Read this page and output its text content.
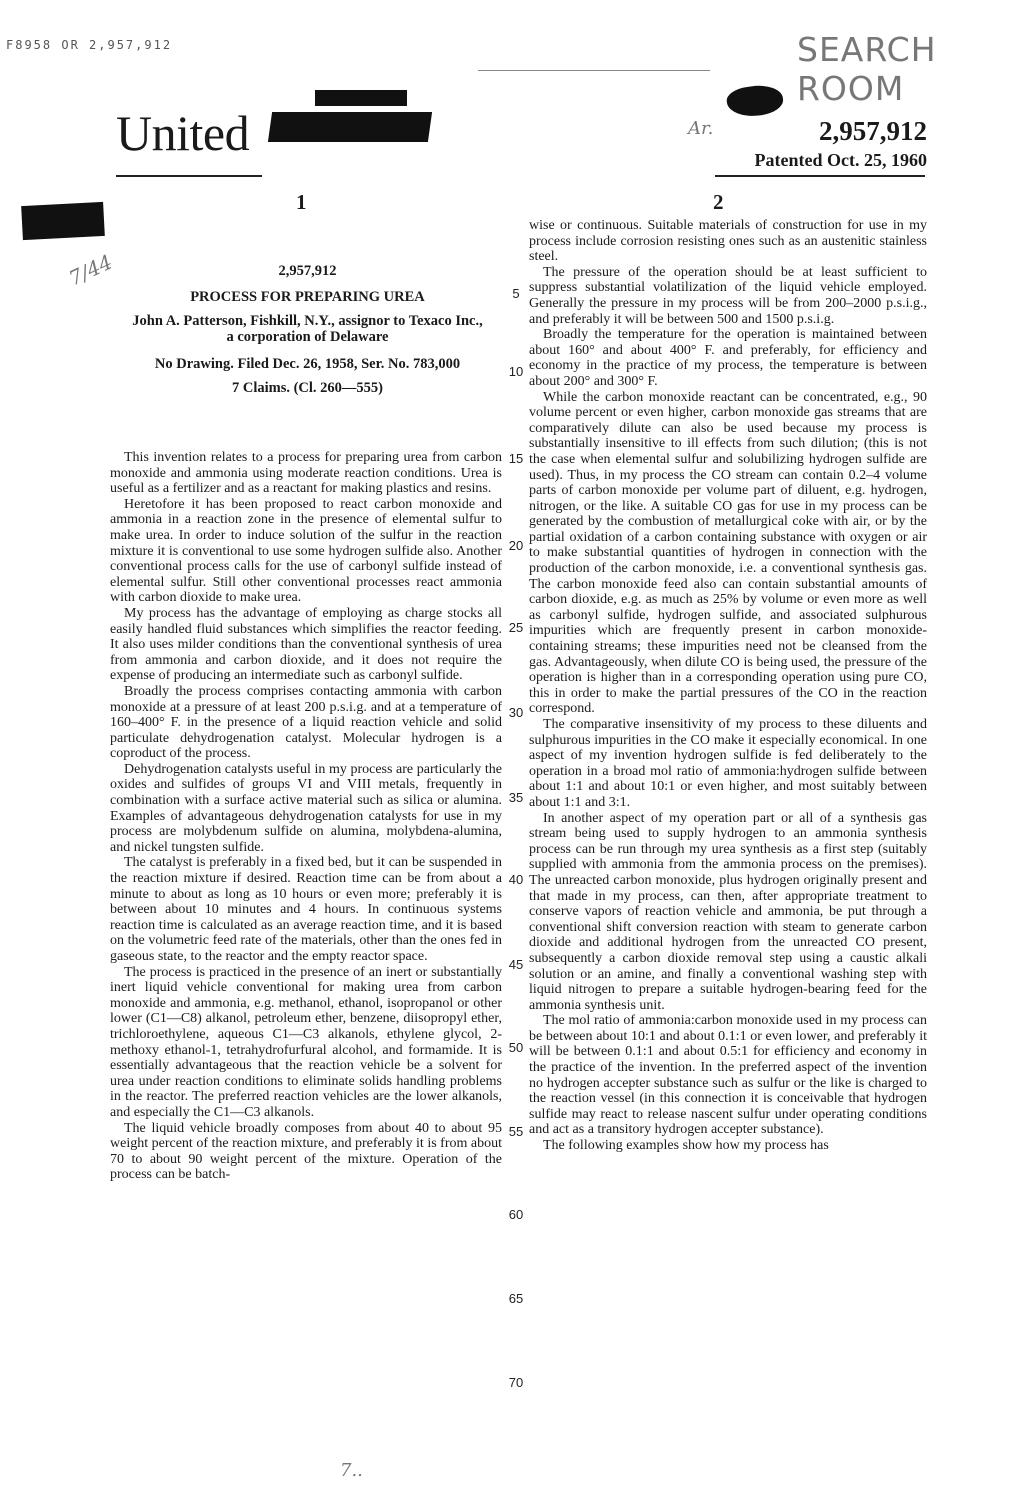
F8958 OR 2,957,912	SEARCH ROOM
Ar.
7/44
7..
United	2,957,912
Patented Oct. 25, 1960
1	2
2,957,912
PROCESS FOR PREPARING UREA
John A. Patterson, Fishkill, N.Y., assignor to Texaco Inc.,
a corporation of Delaware
No Drawing. Filed Dec. 26, 1958, Ser. No. 783,000
7 Claims. (Cl. 260—555)

This invention relates to a process for preparing urea from carbon monoxide and ammonia using moderate reaction conditions. Urea is useful as a fertilizer and as a reactant for making plastics and resins.

Heretofore it has been proposed to react carbon monoxide and ammonia in a reaction zone in the presence of elemental sulfur to make urea. In order to induce solution of the sulfur in the reaction mixture it is conventional to use some hydrogen sulfide also. Another conventional process calls for the use of carbonyl sulfide instead of elemental sulfur. Still other conventional processes react ammonia with carbon dioxide to make urea.

My process has the advantage of employing as charge stocks all easily handled fluid substances which simplifies the reactor feeding. It also uses milder conditions than the conventional synthesis of urea from ammonia and carbon dioxide, and it does not require the expense of producing an intermediate such as carbonyl sulfide.

Broadly the process comprises contacting ammonia with carbon monoxide at a pressure of at least 200 p.s.i.g. and at a temperature of 160–400° F. in the presence of a liquid reaction vehicle and solid particulate dehydrogenation catalyst. Molecular hydrogen is a coproduct of the process.

Dehydrogenation catalysts useful in my process are particularly the oxides and sulfides of groups VI and VIII metals, frequently in combination with a surface active material such as silica or alumina. Examples of advantageous dehydrogenation catalysts for use in my process are molybdenum sulfide on alumina, molybdena-alumina, and nickel tungsten sulfide.

The catalyst is preferably in a fixed bed, but it can be suspended in the reaction mixture if desired. Reaction time can be from about a minute to about as long as 10 hours or even more; preferably it is between about 10 minutes and 4 hours. In continuous systems reaction time is calculated as an average reaction time, and it is based on the volumetric feed rate of the materials, other than the ones fed in gaseous state, to the reactor and the empty reactor space.

The process is practiced in the presence of an inert or substantially inert liquid vehicle conventional for making urea from carbon monoxide and ammonia, e.g. methanol, ethanol, isopropanol or other lower (C1—C8) alkanol, petroleum ether, benzene, diisopropyl ether, trichloroethylene, aqueous C1—C3 alkanols, ethylene glycol, 2-methoxy ethanol-1, tetrahydrofurfural alcohol, and formamide. It is essentially advantageous that the reaction vehicle be a solvent for urea under reaction conditions to eliminate solids handling problems in the reactor. The preferred reaction vehicles are the lower alkanols, and especially the C1—C3 alkanols.

The liquid vehicle broadly composes from about 40 to about 95 weight percent of the reaction mixture, and preferably it is from about 70 to about 90 weight percent of the mixture. Operation of the process can be batch-

wise or continuous. Suitable materials of construction for use in my process include corrosion resisting ones such as an austenitic stainless steel.

The pressure of the operation should be at least sufficient to suppress substantial volatilization of the liquid vehicle employed. Generally the pressure in my process will be from 200–2000 p.s.i.g., and preferably it will be between 500 and 1500 p.s.i.g.

Broadly the temperature for the operation is maintained between about 160° and about 400° F. and preferably, for efficiency and economy in the practice of my process, the temperature is between about 200° and 300° F.

While the carbon monoxide reactant can be concentrated, e.g., 90 volume percent or even higher, carbon monoxide gas streams that are comparatively dilute can also be used because my process is substantially insensitive to ill effects from such dilution; (this is not the case when elemental sulfur and solubilizing hydrogen sulfide are used). Thus, in my process the CO stream can contain 0.2–4 volume parts of carbon monoxide per volume part of diluent, e.g. hydrogen, nitrogen, or the like. A suitable CO gas for use in my process can be generated by the combustion of metallurgical coke with air, or by the partial oxidation of a carbon containing substance with oxygen or air to make substantial quantities of hydrogen in connection with the production of the carbon monoxide, i.e. a conventional synthesis gas. The carbon monoxide feed also can contain substantial amounts of carbon dioxide, e.g. as much as 25% by volume or even more as well as carbonyl sulfide, hydrogen sulfide, and associated sulphurous impurities which are frequently present in carbon monoxide-containing streams; these impurities need not be cleansed from the gas. Advantageously, when dilute CO is being used, the pressure of the operation is higher than in a corresponding operation using pure CO, this in order to make the partial pressures of the CO in the reaction correspond.

The comparative insensitivity of my process to these diluents and sulphurous impurities in the CO make it especially economical. In one aspect of my invention hydrogen sulfide is fed deliberately to the operation in a broad mol ratio of ammonia:hydrogen sulfide between about 1:1 and about 10:1 or even higher, and most suitably between about 1:1 and 3:1.

In another aspect of my operation part or all of a synthesis gas stream being used to supply hydrogen to an ammonia synthesis process can be run through my urea synthesis as a first step (suitably supplied with ammonia from the ammonia process on the premises). The unreacted carbon monoxide, plus hydrogen originally present and that made in my process, can then, after appropriate treatment to conserve vapors of reaction vehicle and ammonia, be put through a conventional shift conversion reaction with steam to generate carbon dioxide and additional hydrogen from the unreacted CO present, subsequently a carbon dioxide removal step using a caustic alkali solution or an amine, and finally a conventional washing step with liquid nitrogen to prepare a suitable hydrogen-bearing feed for the ammonia synthesis unit.

The mol ratio of ammonia:carbon monoxide used in my process can be between about 10:1 and about 0.1:1 or even lower, and preferably it will be between 0.1:1 and about 0.5:1 for efficiency and economy in the practice of the invention. In the preferred aspect of the invention no hydrogen accepter substance such as sulfur or the like is charged to the reaction vessel (in this connection it is conceivable that hydrogen sulfide may react to release nascent sulfur under operating conditions and act as a transitory hydrogen accepter substance).

The following examples show how my process has

5
10
15
20
25
30
35
40
45
50
55
60
65
70
